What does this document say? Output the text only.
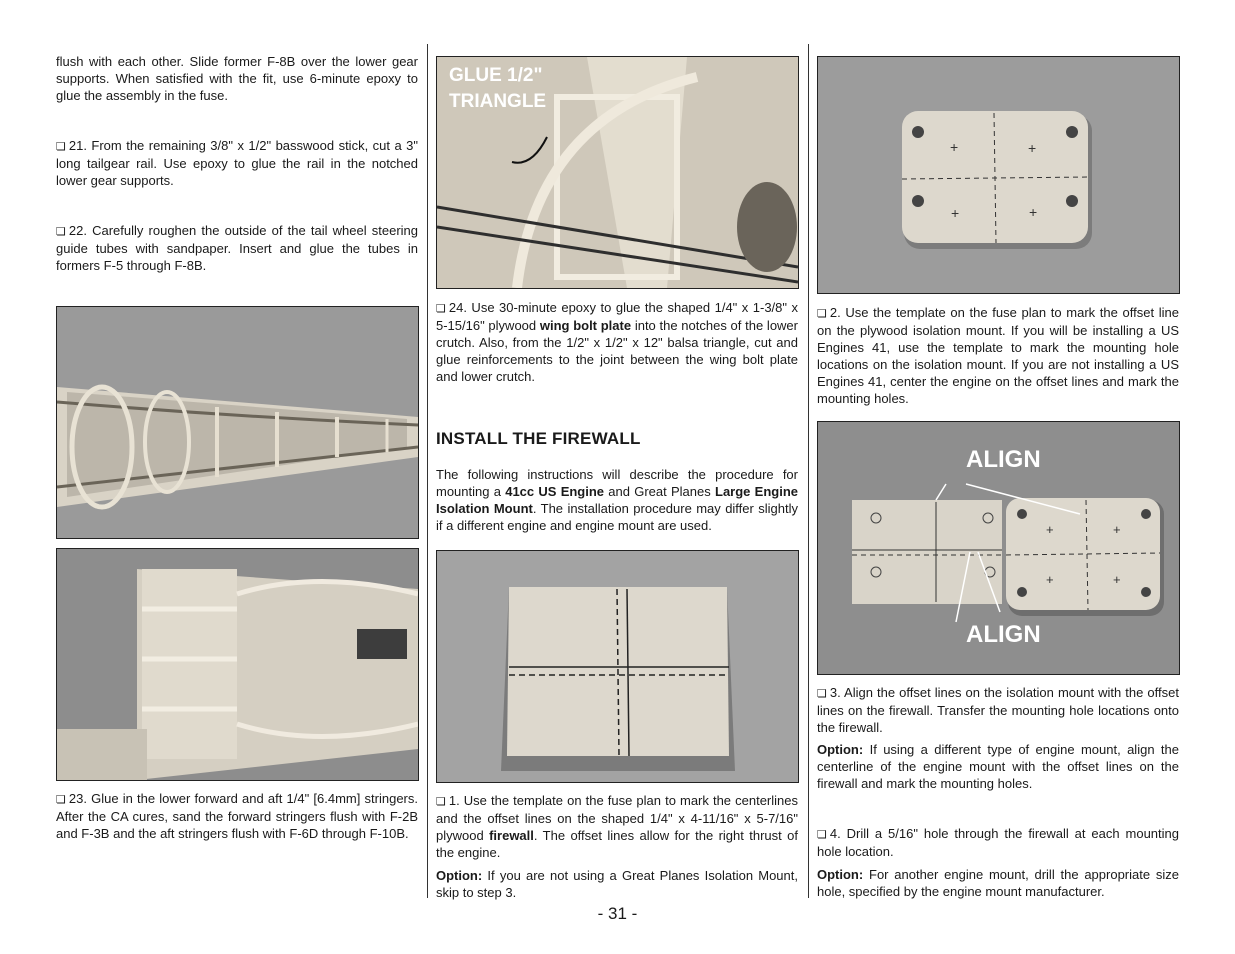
flush with each other. Slide former F-8B over the lower gear supports. When satisfied with the fit, use 6-minute epoxy to glue the assembly in the fuse.

❏ 21. From the remaining 3/8" x 1/2" basswood stick, cut a 3" long tailgear rail. Use epoxy to glue the rail in the notched lower gear supports.

❏ 22. Carefully roughen the outside of the tail wheel steering guide tubes with sandpaper. Insert and glue the tubes in formers F-5 through F-8B.

❏ 23. Glue in the lower forward and aft 1/4" [6.4mm] stringers. After the CA cures, sand the forward stringers flush with F-2B and F-3B and the aft stringers flush with F-6D through F-10B.

GLUE 1/2"
TRIANGLE

❏ 24. Use 30-minute epoxy to glue the shaped 1/4" x 1-3/8" x 5-15/16" plywood wing bolt plate into the notches of the lower crutch. Also, from the 1/2" x 1/2" x 12" balsa triangle, cut and glue reinforcements to the joint between the wing bolt plate and lower crutch.

INSTALL THE FIREWALL

The following instructions will describe the procedure for mounting a 41cc US Engine and Great Planes Large Engine Isolation Mount. The installation procedure may differ slightly if a different engine and engine mount are used.

❏ 1. Use the template on the fuse plan to mark the centerlines and the offset lines on the shaped 1/4" x 4-11/16" x 5-7/16" plywood firewall. The offset lines allow for the right thrust of the engine.

Option: If you are not using a Great Planes Isolation Mount, skip to step 3.

+	+
+	+

❏ 2. Use the template on the fuse plan to mark the offset line on the plywood isolation mount. If you will be installing a US Engines 41, use the template to mark the mounting hole locations on the isolation mount. If you are not installing a US Engines 41, center the engine on the offset lines and mark the mounting holes.

+	+
+	+
ALIGN
ALIGN

❏ 3. Align the offset lines on the isolation mount with the offset lines on the firewall. Transfer the mounting hole locations onto the firewall.

Option: If using a different type of engine mount, align the centerline of the engine mount with the offset lines on the firewall and mark the mounting holes.

❏ 4. Drill a 5/16" hole through the firewall at each mounting hole location.

Option: For another engine mount, drill the appropriate size hole, specified by the engine mount manufacturer.

- 31 -
